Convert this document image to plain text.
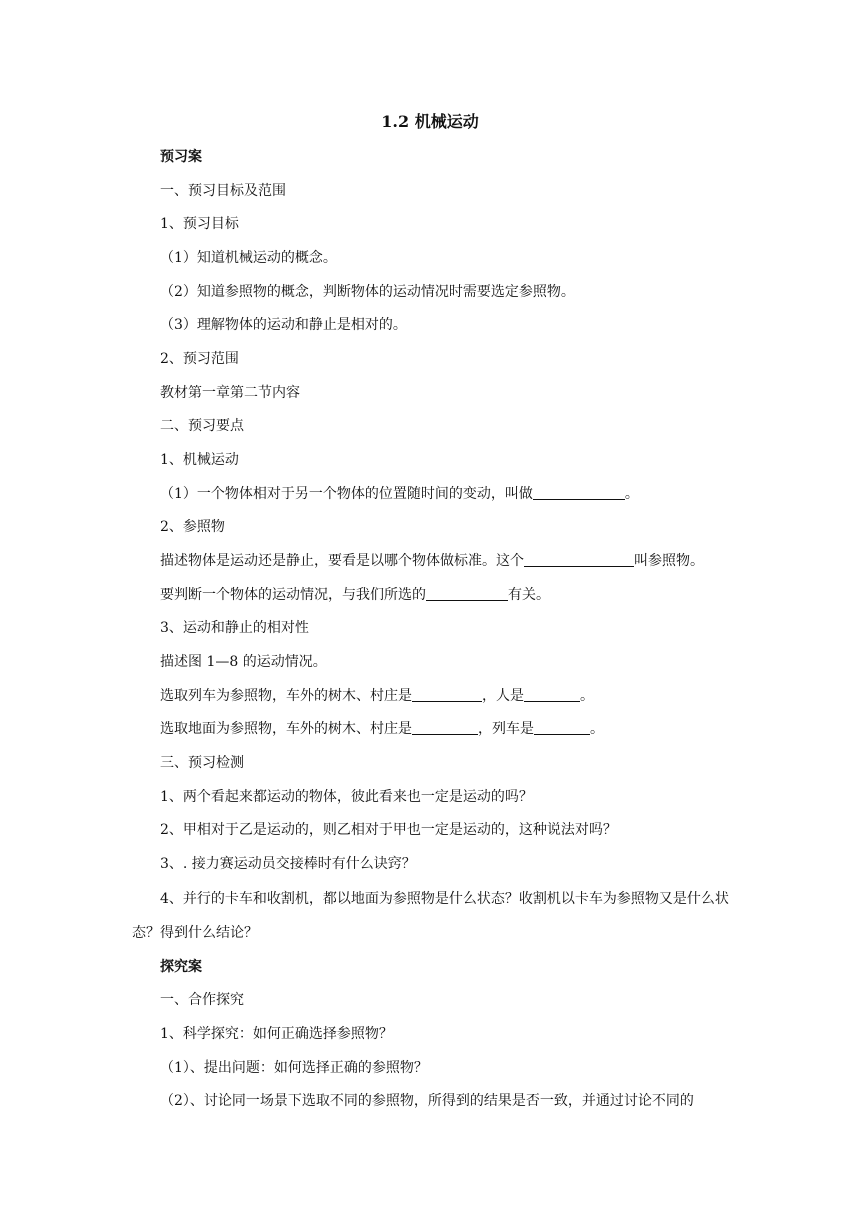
1.2 机械运动
预习案
一、预习目标及范围
1、预习目标
（1）知道机械运动的概念。
（2）知道参照物的概念，判断物体的运动情况时需要选定参照物。
（3）理解物体的运动和静止是相对的。
2、预习范围
教材第一章第二节内容
二、预习要点
1、机械运动
（1）一个物体相对于另一个物体的位置随时间的变动，叫做	。
2、参照物
描述物体是运动还是静止，要看是以哪个物体做标准。这个	叫参照物。
要判断一个物体的运动情况，与我们所选的	有关。
3、运动和静止的相对性
描述图 1—8 的运动情况。
选取列车为参照物，车外的树木、村庄是	，人是	。
选取地面为参照物，车外的树木、村庄是	，列车是	。
三、预习检测
1、两个看起来都运动的物体，彼此看来也一定是运动的吗？
2、甲相对于乙是运动的，则乙相对于甲也一定是运动的，这种说法对吗？
3、. 接力赛运动员交接棒时有什么诀窍？
4、并行的卡车和收割机，都以地面为参照物是什么状态？收割机以卡车为参照物又是什么状态？得到什么结论？
探究案
一、合作探究
1、科学探究：如何正确选择参照物？
（1）、提出问题：如何选择正确的参照物？
（2）、讨论同一场景下选取不同的参照物，所得到的结果是否一致，并通过讨论不同的
